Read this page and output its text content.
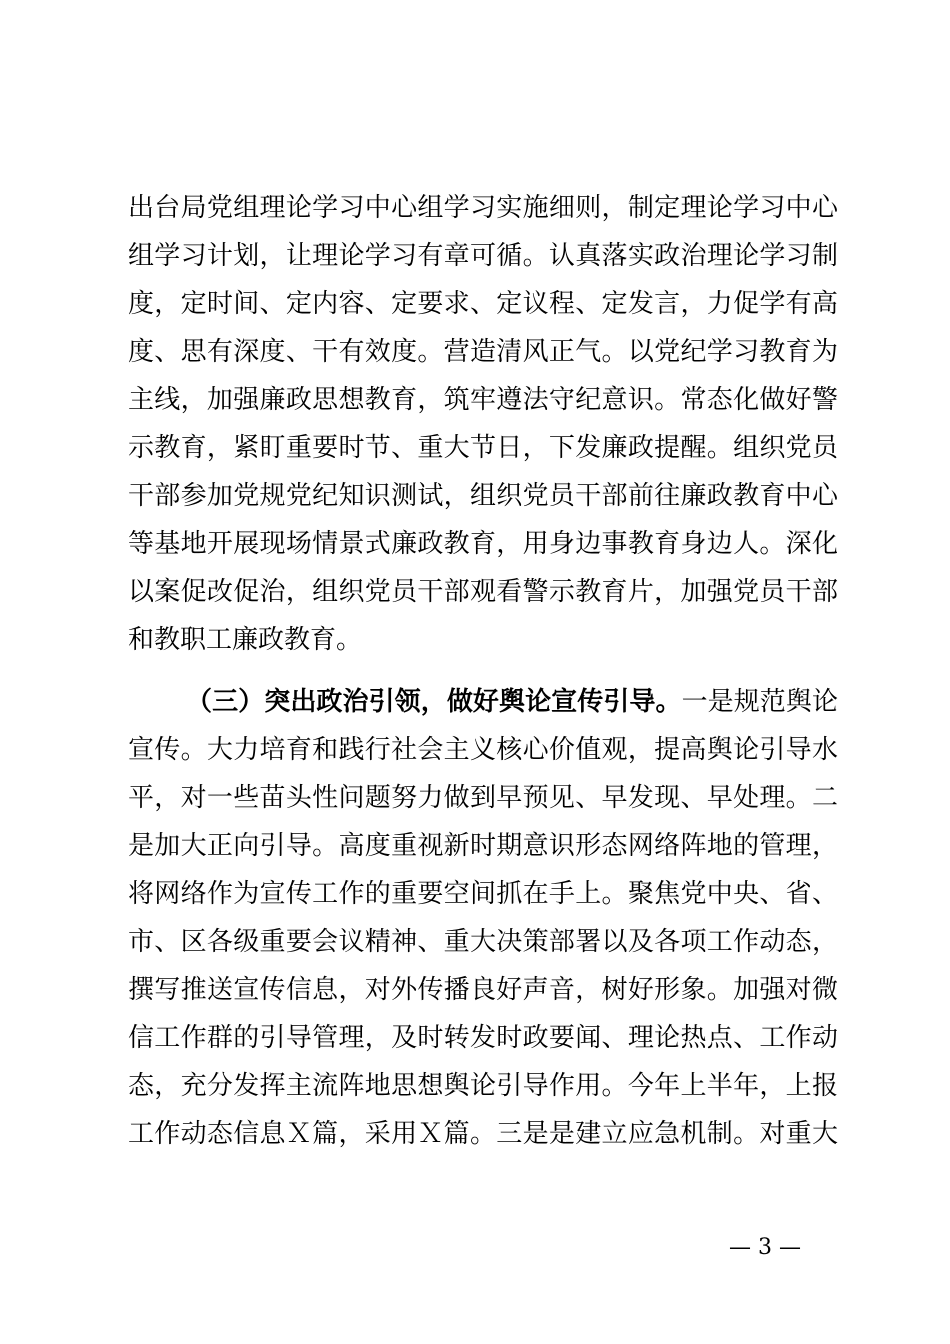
出台局党组理论学习中心组学习实施细则，制定理论学习中心
组学习计划，让理论学习有章可循。认真落实政治理论学习制
度，定时间、定内容、定要求、定议程、定发言，力促学有高
度、思有深度、干有效度。营造清风正气。以党纪学习教育为
主线，加强廉政思想教育，筑牢遵法守纪意识。常态化做好警
示教育，紧盯重要时节、重大节日，下发廉政提醒。组织党员
干部参加党规党纪知识测试，组织党员干部前往廉政教育中心
等基地开展现场情景式廉政教育，用身边事教育身边人。深化
以案促改促治，组织党员干部观看警示教育片，加强党员干部
和教职工廉政教育。
（三）突出政治引领，做好舆论宣传引导。一是规范舆论
宣传。大力培育和践行社会主义核心价值观，提高舆论引导水
平，对一些苗头性问题努力做到早预见、早发现、早处理。二
是加大正向引导。高度重视新时期意识形态网络阵地的管理，
将网络作为宣传工作的重要空间抓在手上。聚焦党中央、省、
市、区各级重要会议精神、重大决策部署以及各项工作动态，
撰写推送宣传信息，对外传播良好声音，树好形象。加强对微
信工作群的引导管理，及时转发时政要闻、理论热点、工作动
态，充分发挥主流阵地思想舆论引导作用。今年上半年，上报
工作动态信息Ｘ篇，采用Ｘ篇。三是是建立应急机制。对重大
— 3 —
